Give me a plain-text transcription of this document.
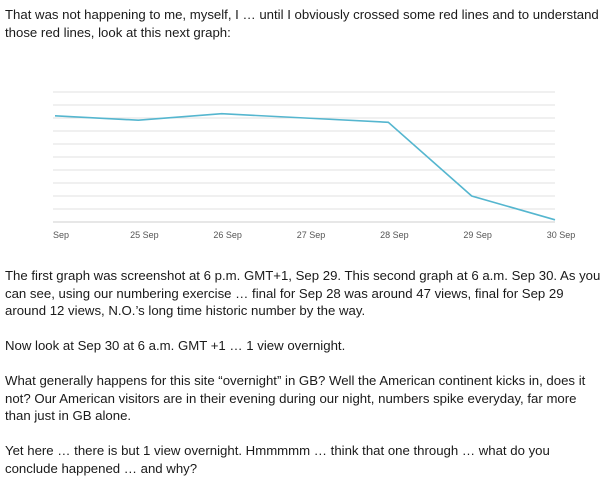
That was not happening to me, myself, I … until I obviously crossed some red lines and to understand those red lines, look at this next graph:

Sep	25 Sep	26 Sep	27 Sep	28 Sep	29 Sep	30 Sep

The first graph was screenshot at 6 p.m. GMT+1, Sep 29. This second graph at 6 a.m. Sep 30. As you can see, using our numbering exercise … final for Sep 28 was around 47 views, final for Sep 29 around 12 views, N.O.’s long time historic number by the way.

Now look at Sep 30 at 6 a.m. GMT +1 … 1 view overnight.

What generally happens for this site “overnight” in GB? Well the American continent kicks in, does it not? Our American visitors are in their evening during our night, numbers spike everyday, far more than just in GB alone.

Yet here … there is but 1 view overnight. Hmmmmm … think that one through … what do you conclude happened … and why?
